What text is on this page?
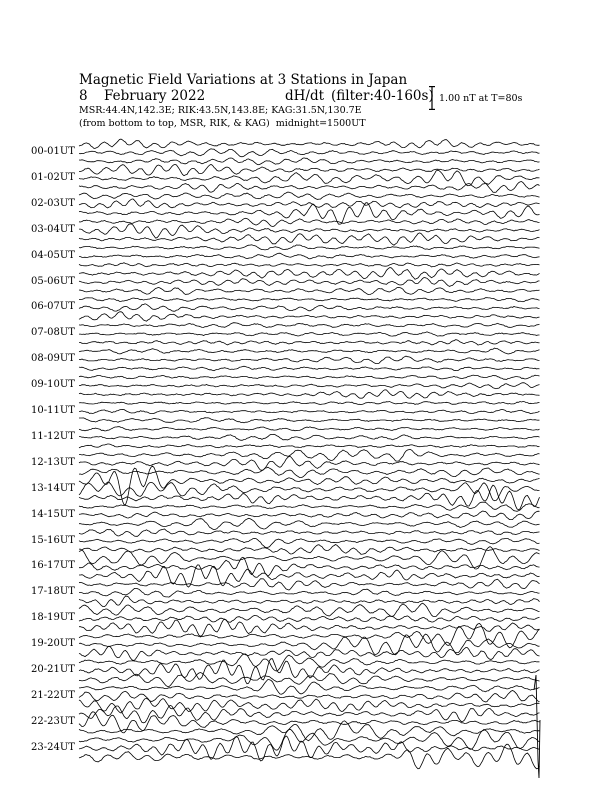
Magnetic Field Variations at 3 Stations in Japan
8 February 2022	dH/dt (filter:40-160s)
MSR:44.4N,142.3E; RIK:43.5N,143.8E; KAG:31.5N,130.7E
(from bottom to top, MSR, RIK, & KAG) midnight=1500UT
1.00 nT at T=80s
00-01UT
01-02UT
02-03UT
03-04UT
04-05UT
05-06UT
06-07UT
07-08UT
08-09UT
09-10UT
10-11UT
11-12UT
12-13UT
13-14UT
14-15UT
15-16UT
16-17UT
17-18UT
18-19UT
19-20UT
20-21UT
21-22UT
22-23UT
23-24UT
